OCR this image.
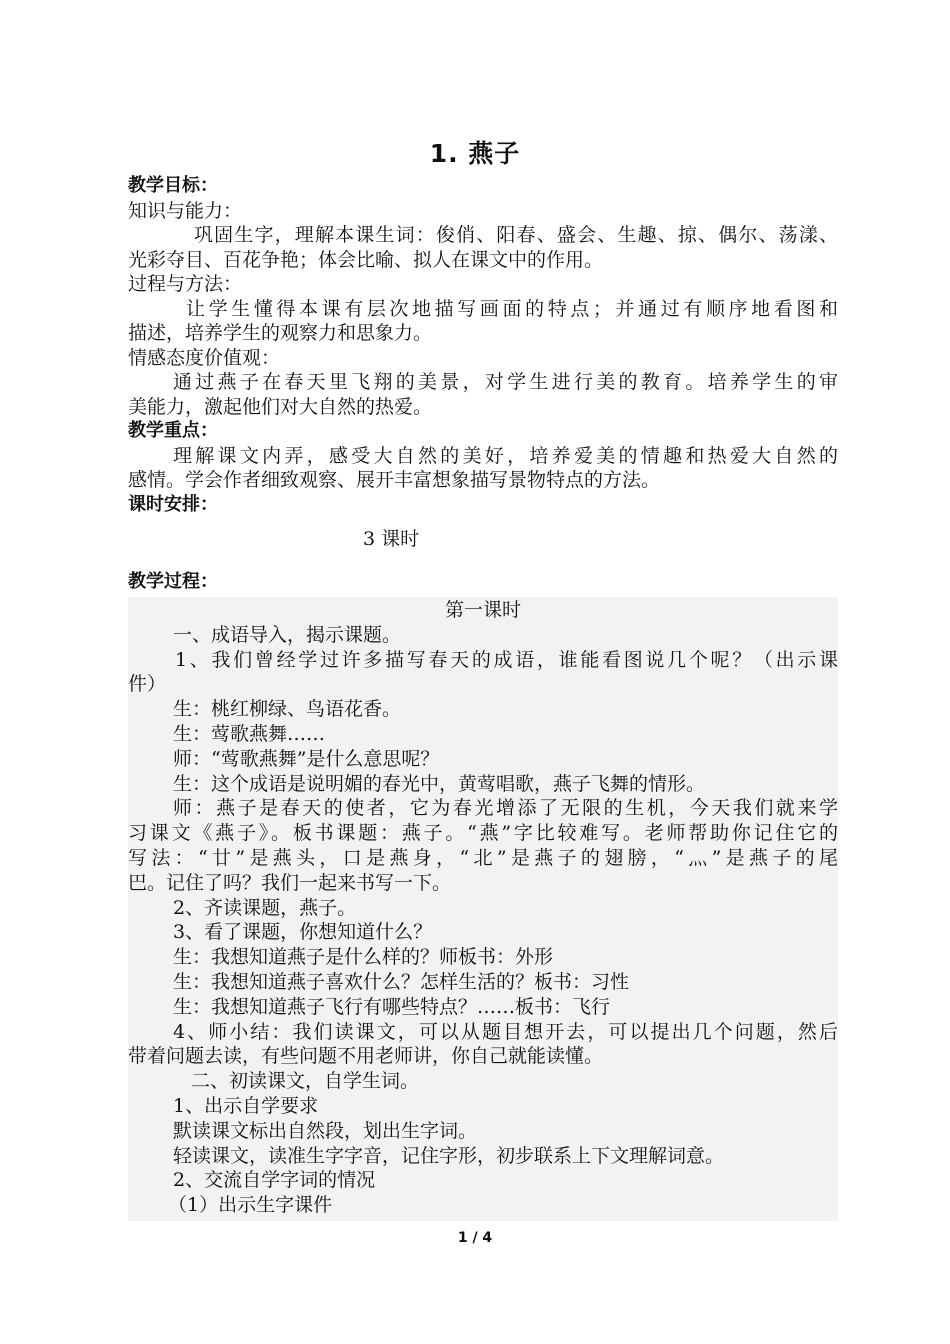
1. 燕子
教学目标：
知识与能力：
巩固生字，理解本课生词：俊俏、阳春、盛会、生趣、掠、偶尔、荡漾、
光彩夺目、百花争艳；体会比喻、拟人在课文中的作用。
过程与方法：
让学生懂得本课有层次地描写画面的特点；并通过有顺序地看图和
描述，培养学生的观察力和思象力。
情感态度价值观：
通过燕子在春天里飞翔的美景，对学生进行美的教育。培养学生的审
美能力，激起他们对大自然的热爱。
教学重点：
理解课文内弄，感受大自然的美好，培养爱美的情趣和热爱大自然的
感情。学会作者细致观察、展开丰富想象描写景物特点的方法。
课时安排：
3 课时
教学过程：
第一课时
一、成语导入，揭示课题。
1、我们曾经学过许多描写春天的成语，谁能看图说几个呢？（出示课
件）
生：桃红柳绿、鸟语花香。
生：莺歌燕舞……
师：“莺歌燕舞”是什么意思呢？
生：这个成语是说明媚的春光中，黄莺唱歌，燕子飞舞的情形。
师：燕子是春天的使者，它为春光增添了无限的生机，今天我们就来学
习课文《燕子》。板书课题：燕子。“燕”字比较难写。老师帮助你记住它的
写法：“廿”是燕头，口是燕身，“北”是燕子的翅膀，“灬”是燕子的尾
巴。记住了吗？我们一起来书写一下。
2、齐读课题，燕子。
3、看了课题，你想知道什么？
生：我想知道燕子是什么样的？师板书：外形
生：我想知道燕子喜欢什么？怎样生活的？板书：习性
生：我想知道燕子飞行有哪些特点？……板书：飞行
4、师小结：我们读课文，可以从题目想开去，可以提出几个问题，然后
带着问题去读，有些问题不用老师讲，你自己就能读懂。
二、初读课文，自学生词。
1、出示自学要求
默读课文标出自然段，划出生字词。
轻读课文，读准生字字音，记住字形，初步联系上下文理解词意。
2、交流自学字词的情况
（1）出示生字课件
1 / 4
